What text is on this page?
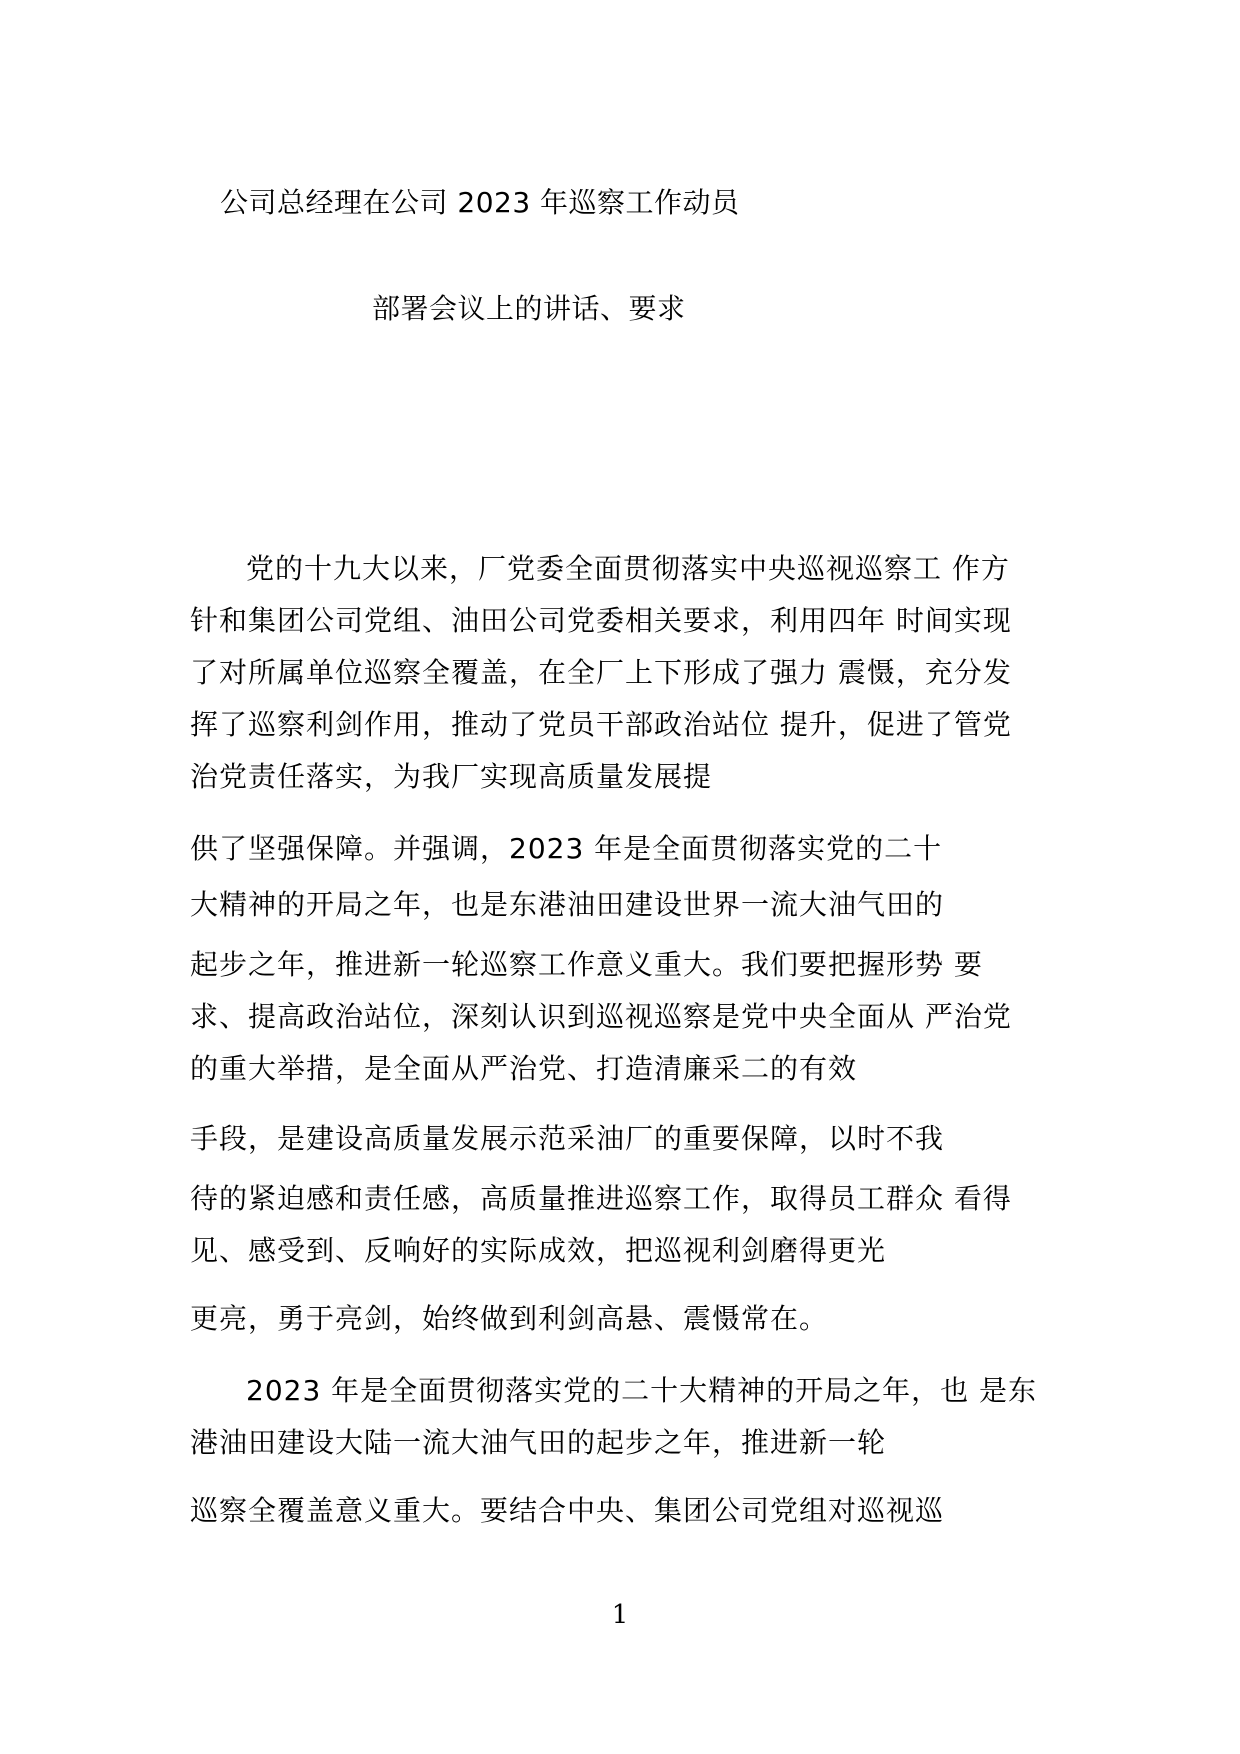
公司总经理在公司 2023 年巡察工作动员
部署会议上的讲话、要求
党的十九大以来，厂党委全面贯彻落实中央巡视巡察工 作方
针和集团公司党组、油田公司党委相关要求，利用四年 时间实现
了对所属单位巡察全覆盖，在全厂上下形成了强力 震慑，充分发
挥了巡察利剑作用，推动了党员干部政治站位 提升，促进了管党
治党责任落实，为我厂实现高质量发展提
供了坚强保障。并强调，2023 年是全面贯彻落实党的二十
大精神的开局之年，也是东港油田建设世界一流大油气田的
起步之年，推进新一轮巡察工作意义重大。我们要把握形势 要
求、提高政治站位，深刻认识到巡视巡察是党中央全面从 严治党
的重大举措，是全面从严治党、打造清廉采二的有效
手段，是建设高质量发展示范采油厂的重要保障，以时不我
待的紧迫感和责任感，高质量推进巡察工作，取得员工群众 看得
见、感受到、反响好的实际成效，把巡视利剑磨得更光
更亮，勇于亮剑，始终做到利剑高悬、震慑常在。
2023 年是全面贯彻落实党的二十大精神的开局之年，也 是东
港油田建设大陆一流大油气田的起步之年，推进新一轮
巡察全覆盖意义重大。要结合中央、集团公司党组对巡视巡
1
